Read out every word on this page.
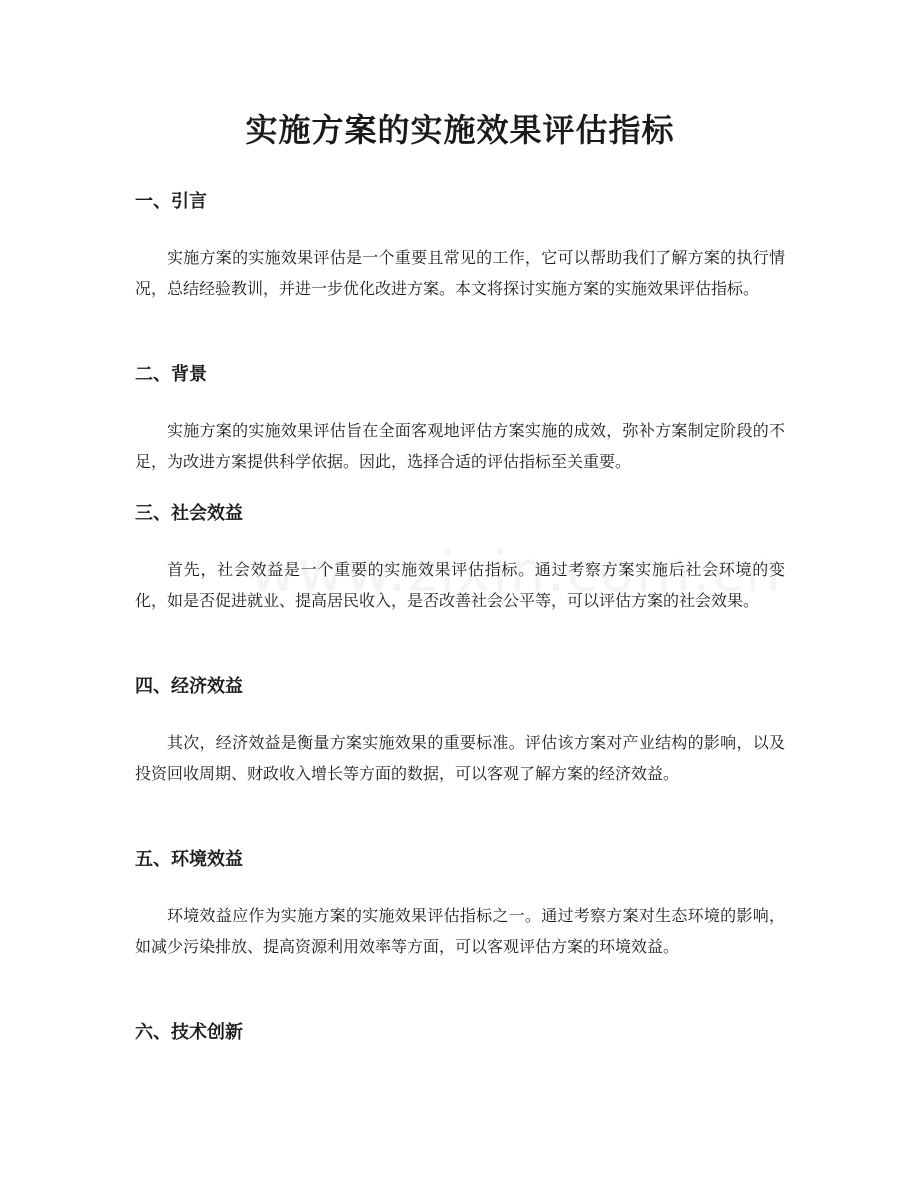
实施方案的实施效果评估指标
一、引言

实施方案的实施效果评估是一个重要且常见的工作，它可以帮助我们了解方案的执行情况，总结经验教训，并进一步优化改进方案。本文将探讨实施方案的实施效果评估指标。

二、背景

实施方案的实施效果评估旨在全面客观地评估方案实施的成效，弥补方案制定阶段的不足，为改进方案提供科学依据。因此，选择合适的评估指标至关重要。

三、社会效益

首先，社会效益是一个重要的实施效果评估指标。通过考察方案实施后社会环境的变化，如是否促进就业、提高居民收入，是否改善社会公平等，可以评估方案的社会效果。

四、经济效益

其次，经济效益是衡量方案实施效果的重要标准。评估该方案对产业结构的影响，以及投资回收周期、财政收入增长等方面的数据，可以客观了解方案的经济效益。

五、环境效益

环境效益应作为实施方案的实施效果评估指标之一。通过考察方案对生态环境的影响，如减少污染排放、提高资源利用效率等方面，可以客观评估方案的环境效益。

六、技术创新
